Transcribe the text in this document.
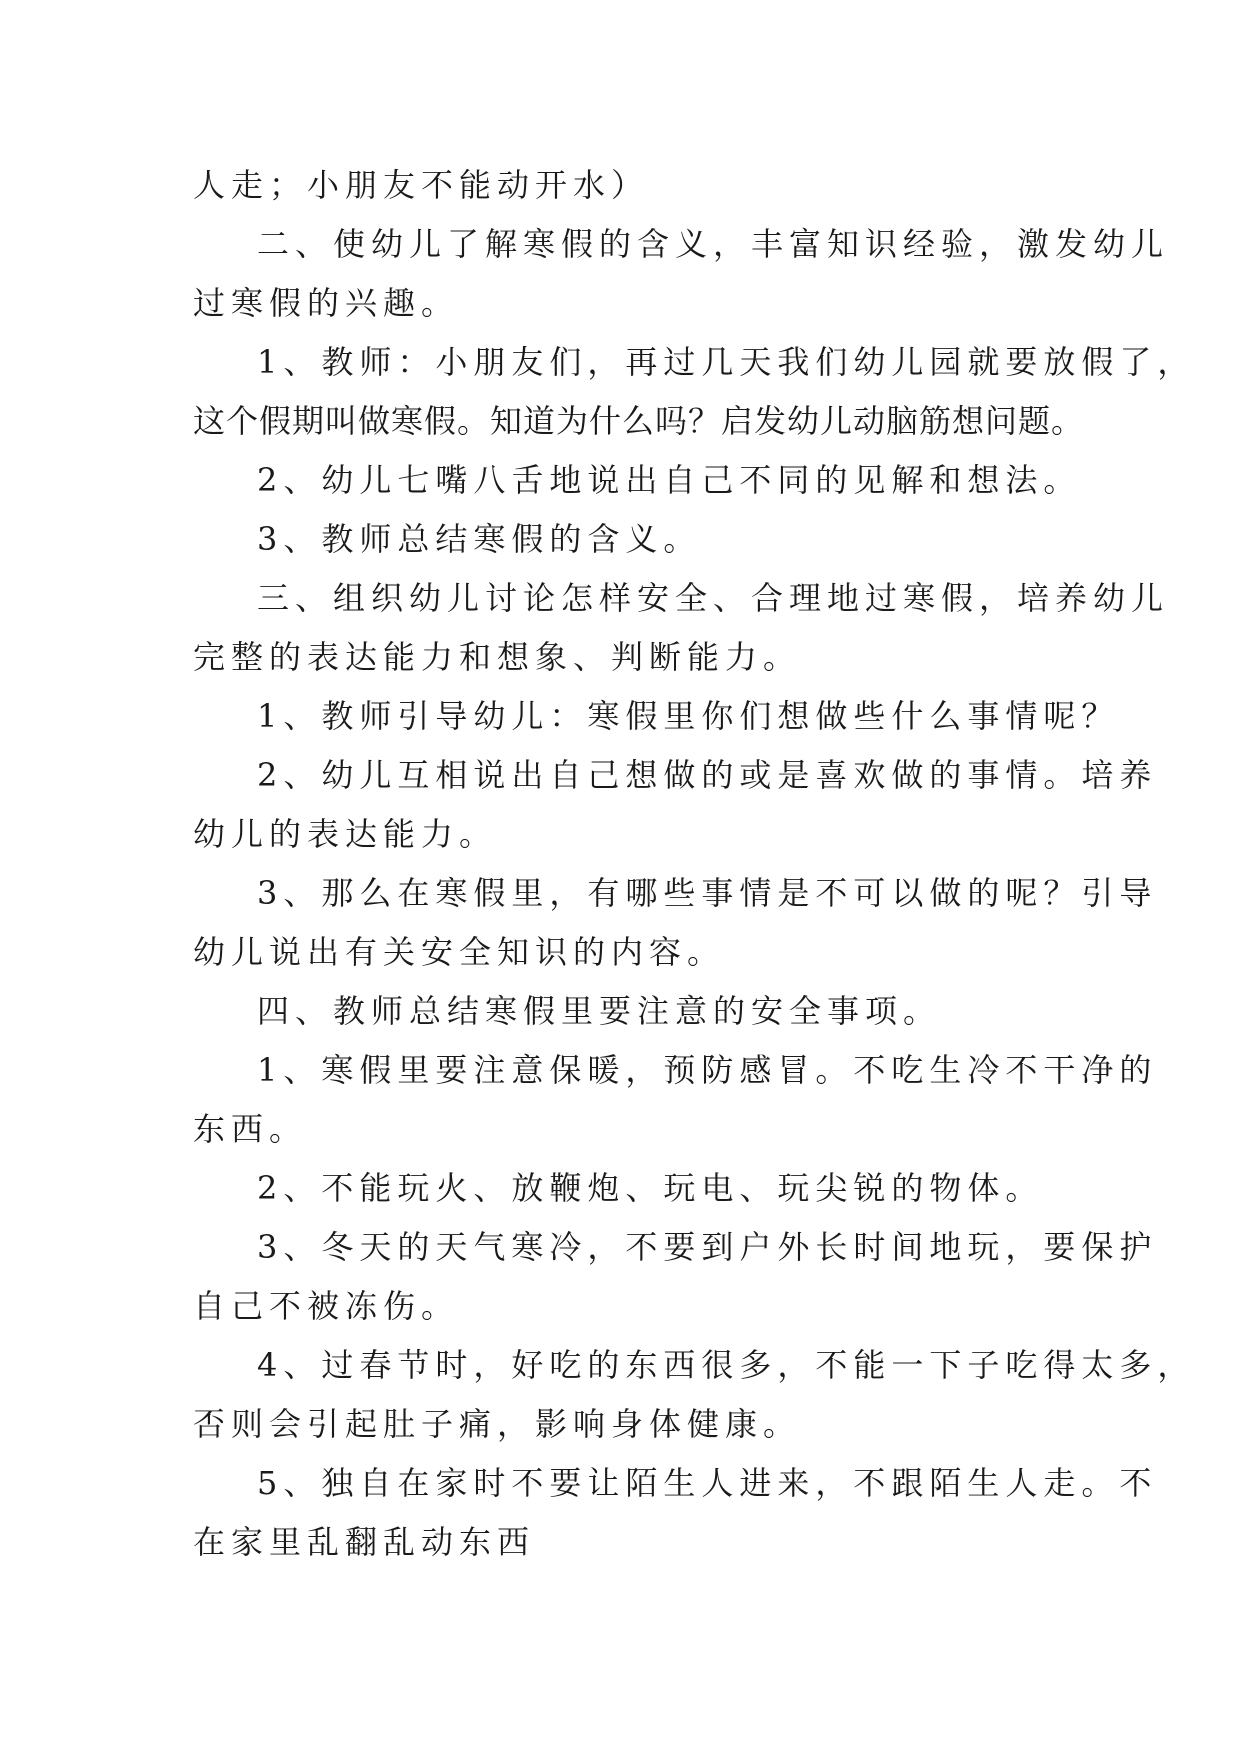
人走；小朋友不能动开水）
二、使幼儿了解寒假的含义，丰富知识经验，激发幼儿
过寒假的兴趣。
1、教师：小朋友们，再过几天我们幼儿园就要放假了，
这个假期叫做寒假。知道为什么吗？启发幼儿动脑筋想问题。
2、幼儿七嘴八舌地说出自己不同的见解和想法。
3、教师总结寒假的含义。
三、组织幼儿讨论怎样安全、合理地过寒假，培养幼儿
完整的表达能力和想象、判断能力。
1、教师引导幼儿：寒假里你们想做些什么事情呢？
2、幼儿互相说出自己想做的或是喜欢做的事情。培养
幼儿的表达能力。
3、那么在寒假里，有哪些事情是不可以做的呢？引导
幼儿说出有关安全知识的内容。
四、教师总结寒假里要注意的安全事项。
1、寒假里要注意保暖，预防感冒。不吃生冷不干净的
东西。
2、不能玩火、放鞭炮、玩电、玩尖锐的物体。
3、冬天的天气寒冷，不要到户外长时间地玩，要保护
自己不被冻伤。
4、过春节时，好吃的东西很多，不能一下子吃得太多，
否则会引起肚子痛，影响身体健康。
5、独自在家时不要让陌生人进来，不跟陌生人走。不
在家里乱翻乱动东西
